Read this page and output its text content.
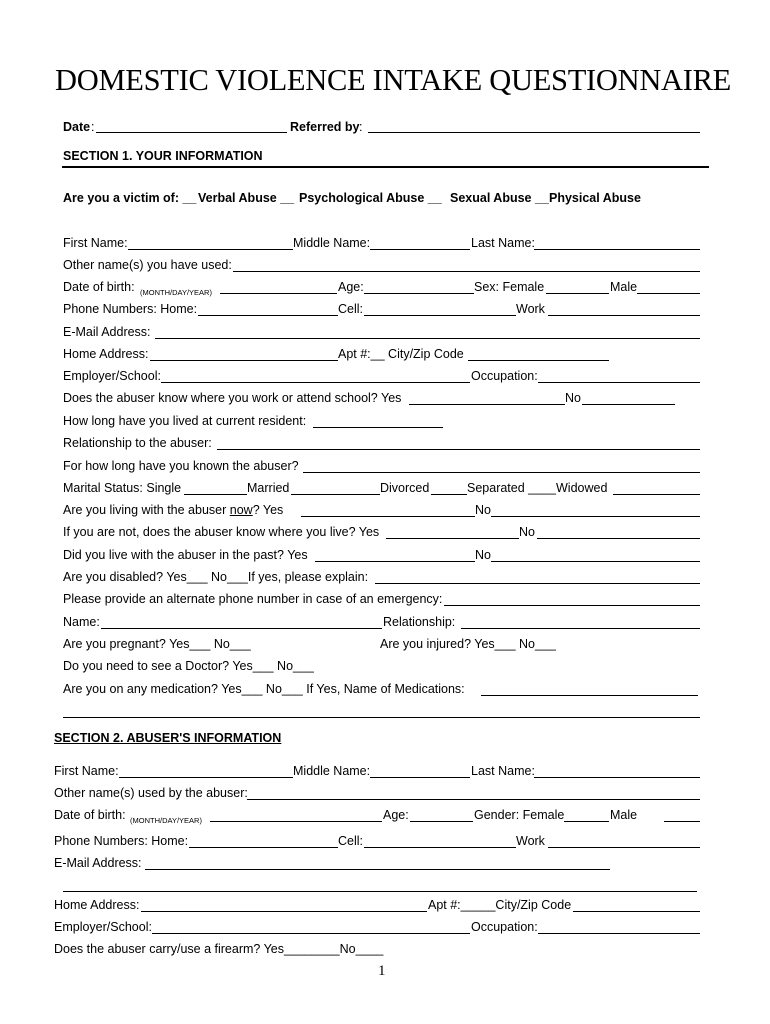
DOMESTIC VIOLENCE INTAKE QUESTIONNAIRE
Date :	Referred by :
SECTION 1. YOUR INFORMATION
Are you a victim of: __ Verbal Abuse __ Psychological Abuse __ Sexual Abuse __ Physical Abuse
First Name:	Middle Name:	Last Name:
Other name(s) you have used:
Date of birth: (MONTH/DAY/YEAR)	Age:	Sex: Female	Male
Phone Numbers: Home:	Cell:	Work
E-Mail Address:
Home Address:	Apt #:__ City/Zip Code
Employer/School:	Occupation:
Does the abuser know where you work or attend school? Yes	No
How long have you lived at current resident:
Relationship to the abuser:
For how long have you known the abuser?
Marital Status: Single	Married	Divorced	Separated ____ Widowed
Are you living with the abuser now? Yes	No
If you are not, does the abuser know where you live? Yes	No
Did you live with the abuser in the past? Yes	No
Are you disabled? Yes___ No___If yes, please explain:
Please provide an alternate phone number in case of an emergency:
Name:	Relationship:
Are you pregnant? Yes___ No___	Are you injured? Yes___ No___
Do you need to see a Doctor? Yes___ No___
Are you on any medication? Yes___ No___ If Yes, Name of Medications:
SECTION 2. ABUSER'S INFORMATION
First Name:	Middle Name:	Last Name:
Other name(s) used by the abuser:
Date of birth: (MONTH/DAY/YEAR)	Age:	Gender: Female	Male
Phone Numbers: Home:	Cell:	Work
E-Mail Address:
Home Address:	Apt #:_____City/Zip Code
Employer/School:	Occupation:
Does the abuser carry/use a firearm? Yes________No____
1
